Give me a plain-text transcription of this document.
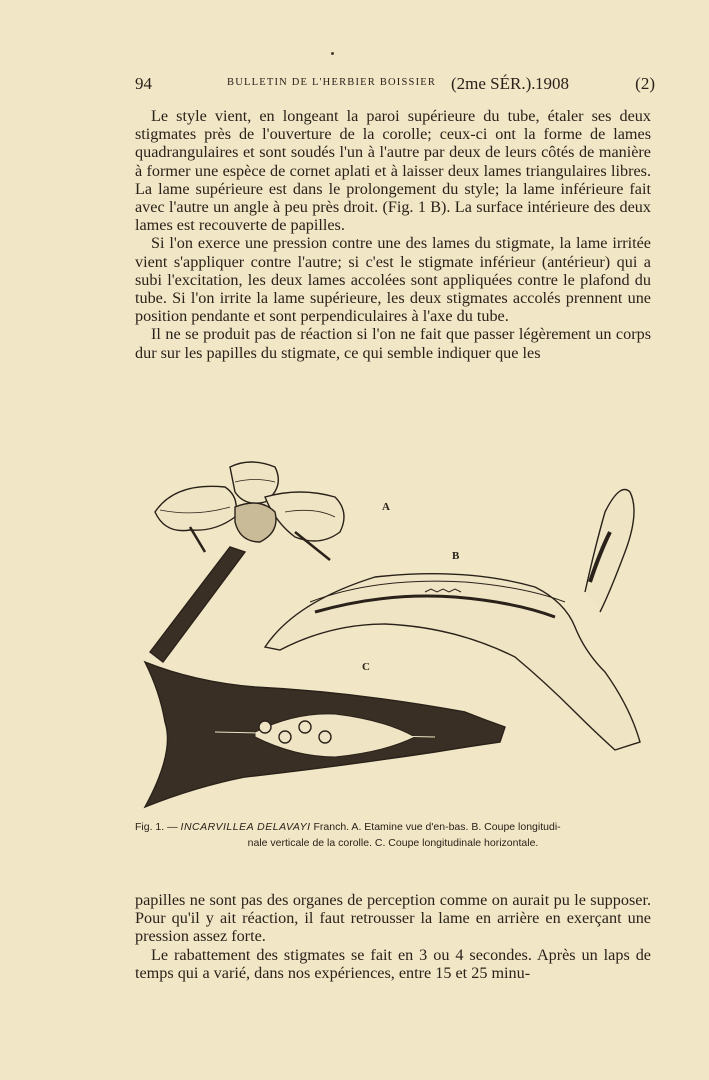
94	BULLETIN DE L'HERBIER BOISSIER (2me SÉR.). 1908	(2)

Le style vient, en longeant la paroi supérieure du tube, étaler ses deux stigmates près de l'ouverture de la corolle; ceux-ci ont la forme de lames quadrangulaires et sont soudés l'un à l'autre par deux de leurs côtés de manière à former une espèce de cornet aplati et à laisser deux lames triangulaires libres. La lame supérieure est dans le prolongement du style; la lame inférieure fait avec l'autre un angle à peu près droit. (Fig. 1 B). La surface intérieure des deux lames est recouverte de papilles.

Si l'on exerce une pression contre une des lames du stigmate, la lame irritée vient s'appliquer contre l'autre; si c'est le stigmate inférieur (antérieur) qui a subi l'excitation, les deux lames accolées sont appliquées contre le plafond du tube. Si l'on irrite la lame supérieure, les deux stigmates accolés prennent une position pendante et sont perpendiculaires à l'axe du tube.

Il ne se produit pas de réaction si l'on ne fait que passer légèrement un corps dur sur les papilles du stigmate, ce qui semble indiquer que les

A
B
C
Fig. 1. — INCARVILLEA DELAVAYI Franch. A. Etamine vue d'en-bas. B. Coupe longitudi-
nale verticale de la corolle. C. Coupe longitudinale horizontale.

papilles ne sont pas des organes de perception comme on aurait pu le supposer. Pour qu'il y ait réaction, il faut retrousser la lame en arrière en exerçant une pression assez forte.

Le rabattement des stigmates se fait en 3 ou 4 secondes. Après un laps de temps qui a varié, dans nos expériences, entre 15 et 25 minu-
